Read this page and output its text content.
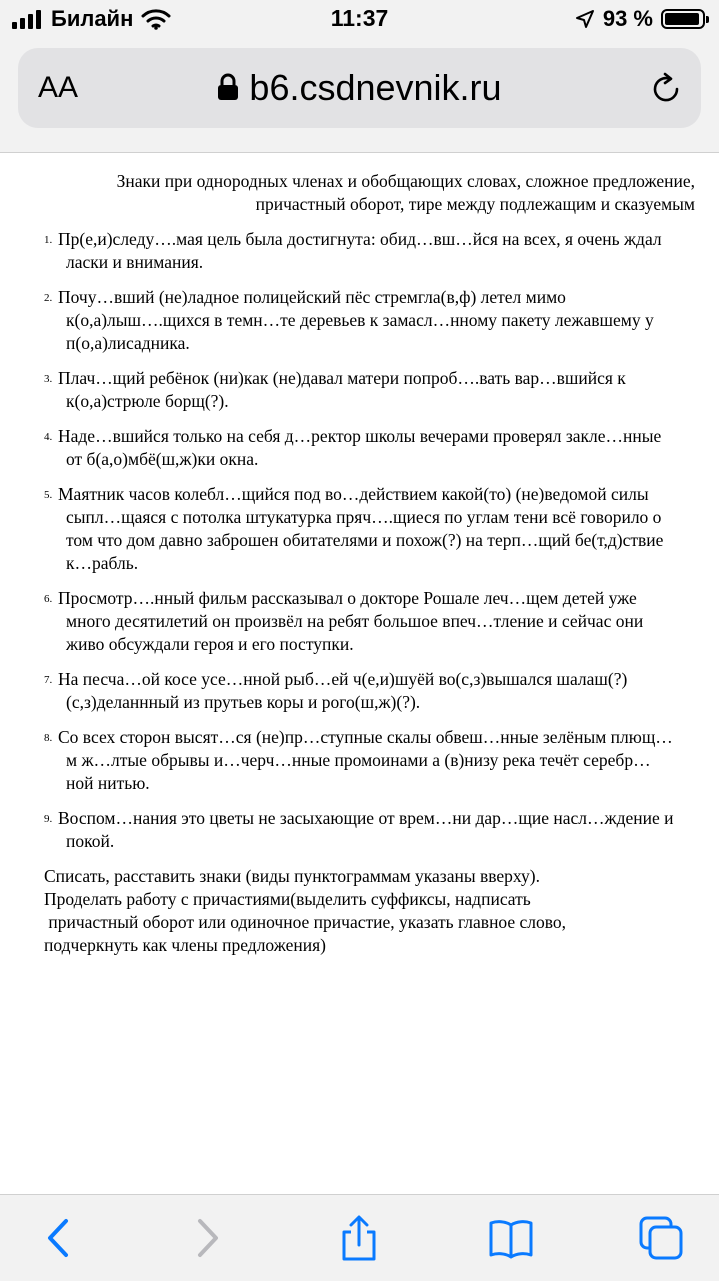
Билайн	11:37	93 %
AA	b6.csdnevnik.ru
Знаки при однородных членах и обобщающих словах, сложное предложение,
причастный оборот, тире между подлежащим и сказуемым
1. Пр(е,и)следу….мая цель была достигнута: обид…вш…йся на всех, я очень ждал ласки и внимания.
2. Почу…вший (не)ладное полицейский пёс стремгла(в,ф) летел мимо к(о,а)лыш….щихся в темн…те деревьев к замасл…нному пакету лежавшему у п(о,а)лисадника.
3. Плач…щий ребёнок (ни)как (не)давал матери попроб….вать вар…вшийся к к(о,а)стрюле борщ(?).
4. Наде…вшийся только на себя д…ректор школы вечерами проверял закле…нные от б(а,о)мбё(ш,ж)ки окна.
5. Маятник часов колебл…щийся под во…действием какой(то) (не)ведомой силы сыпл…щаяся с потолка штукатурка пряч….щиеся по углам тени всё говорило о том что дом давно заброшен обитателями и похож(?) на терп…щий бе(т,д)ствие к…рабль.
6. Просмотр….нный фильм рассказывал о докторе Рошале леч…щем детей уже много десятилетий он произвёл на ребят большое впеч…тление и сейчас они живо обсуждали героя и его поступки.
7. На песча…ой косе усе…нной рыб…ей ч(е,и)шуёй во(с,з)вышался шалаш(?) (с,з)деланнный из прутьев коры и рого(ш,ж)(?).
8. Со всех сторон высят…ся (не)пр…ступные скалы обвеш…нные зелёным плющ…м ж…лтые обрывы и…черч…нные промоинами а (в)низу река течёт серебр…ной нитью.
9. Воспом…нания это цветы не засыхающие от врем…ни дар…щие насл…ждение и покой.
Списать, расставить знаки (виды пунктограммам указаны вверху).
Проделать работу с причастиями(выделить суффиксы, надписать
причастный оборот или одиночное причастие, указать главное слово,
подчеркнуть как члены предложения)
